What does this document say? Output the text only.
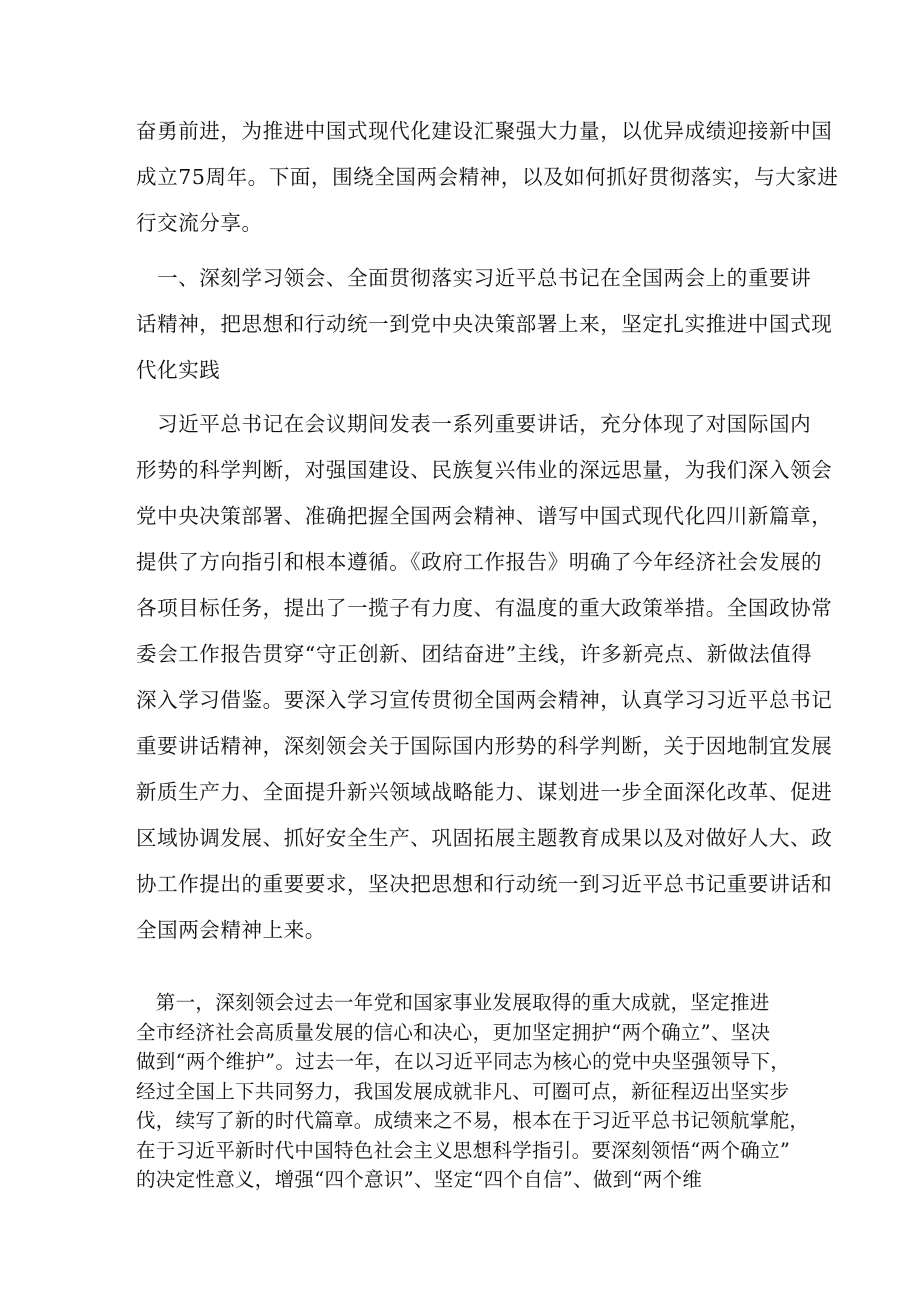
奋勇前进，为推进中国式现代化建设汇聚强大力量，以优异成绩迎接新中国
成立75周年。下面，围绕全国两会精神，以及如何抓好贯彻落实，与大家进
行交流分享。

　一、深刻学习领会、全面贯彻落实习近平总书记在全国两会上的重要讲
话精神，把思想和行动统一到党中央决策部署上来，坚定扎实推进中国式现
代化实践

　习近平总书记在会议期间发表一系列重要讲话，充分体现了对国际国内
形势的科学判断，对强国建设、民族复兴伟业的深远思量，为我们深入领会
党中央决策部署、准确把握全国两会精神、谱写中国式现代化四川新篇章，
提供了方向指引和根本遵循。《政府工作报告》明确了今年经济社会发展的
各项目标任务，提出了一揽子有力度、有温度的重大政策举措。全国政协常
委会工作报告贯穿“守正创新、团结奋进”主线，许多新亮点、新做法值得
深入学习借鉴。要深入学习宣传贯彻全国两会精神，认真学习习近平总书记
重要讲话精神，深刻领会关于国际国内形势的科学判断，关于因地制宜发展
新质生产力、全面提升新兴领域战略能力、谋划进一步全面深化改革、促进
区域协调发展、抓好安全生产、巩固拓展主题教育成果以及对做好人大、政
协工作提出的重要要求，坚决把思想和行动统一到习近平总书记重要讲话和
全国两会精神上来。

　第一，深刻领会过去一年党和国家事业发展取得的重大成就，坚定推进
全市经济社会高质量发展的信心和决心，更加坚定拥护“两个确立”、坚决
做到“两个维护”。过去一年，在以习近平同志为核心的党中央坚强领导下，
经过全国上下共同努力，我国发展成就非凡、可圈可点，新征程迈出坚实步
伐，续写了新的时代篇章。成绩来之不易，根本在于习近平总书记领航掌舵，
在于习近平新时代中国特色社会主义思想科学指引。要深刻领悟“两个确立”
的决定性意义，增强“四个意识”、坚定“四个自信”、做到“两个维
